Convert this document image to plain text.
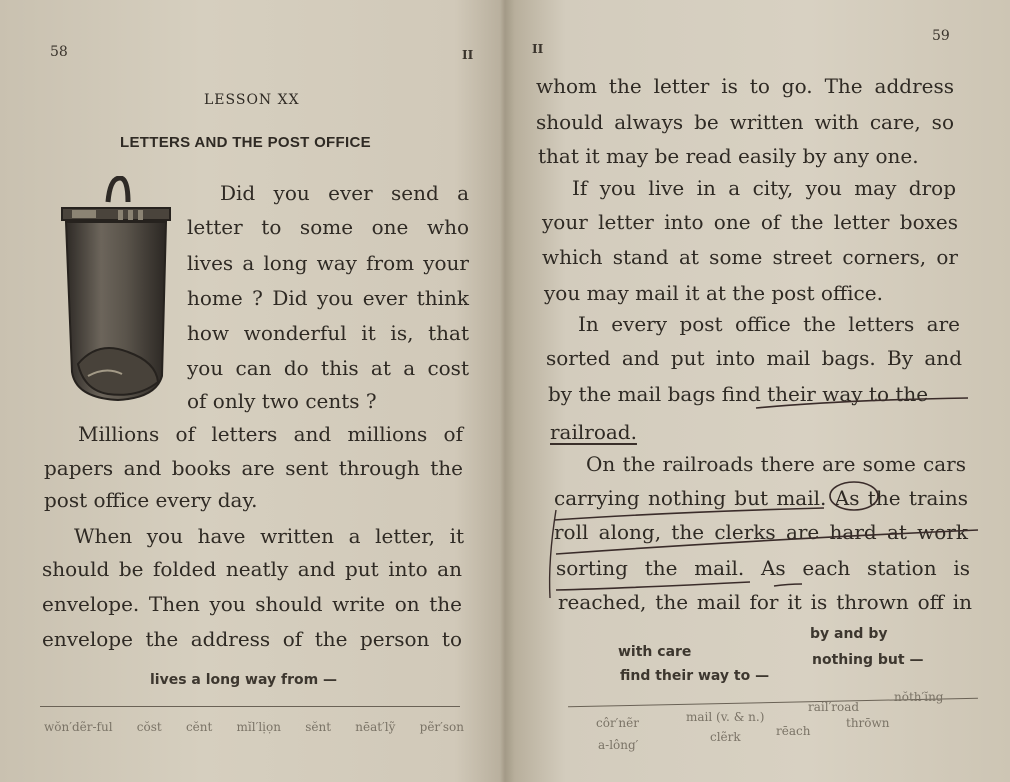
58	II
LESSON XX
LETTERS AND THE POST OFFICE
Did you ever send a
letter to some one who
lives a long way from your
home ? Did you ever think
how wonderful it is, that
you can do this at a cost
of only two cents ?
Millions of letters and millions of
papers and books are sent through the
post office every day.
When you have written a letter, it
should be folded neatly and put into an
envelope. Then you should write on the
envelope the address of the person to
lives a long way from —
wŏn′dẽr-ful cŏst cĕnt mĭl′lịọn sĕnt nēat′lỹ pẽr′son
59
II
whom the letter is to go. The address
should always be written with care, so
that it may be read easily by any one.
If you live in a city, you may drop
your letter into one of the letter boxes
which stand at some street corners, or
you may mail it at the post office.
In every post office the letters are
sorted and put into mail bags. By and
by the mail bags find their way to the
railroad.
On the railroads there are some cars
carrying nothing but mail. As the trains
roll along, the clerks are hard at work
sorting the mail. As each station is
reached, the mail for it is thrown off in
with care
find their way to —
by and by
nothing but —
côr′nẽr	mail (v. & n.)
rail′road
nŏth′ĭng
a-lông′
clẽrk	rēach
thrōwn
